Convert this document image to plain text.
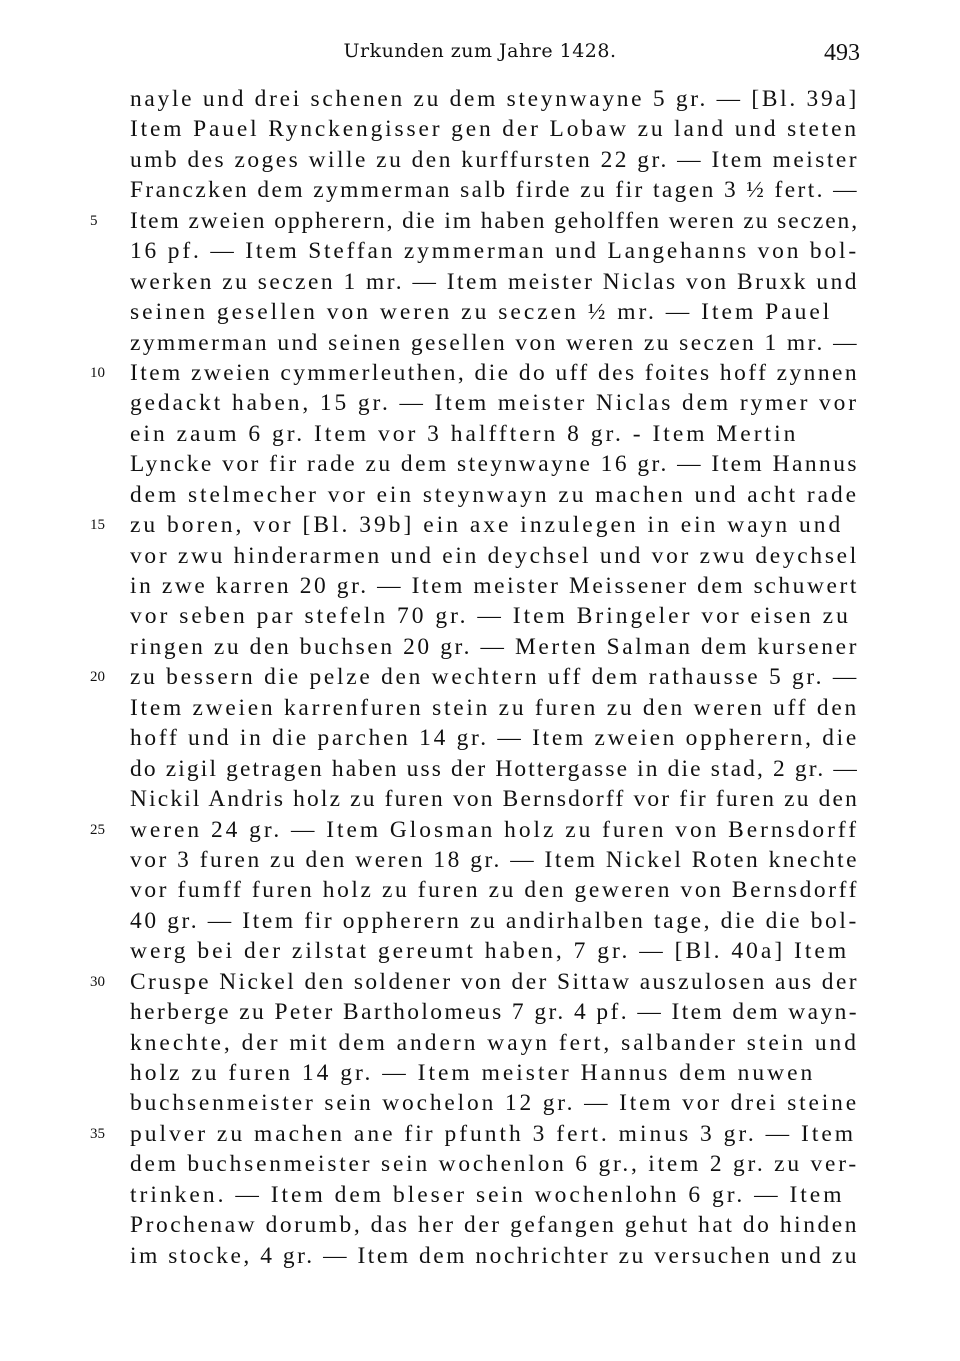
Urkunden zum Jahre 1428.	493
nayle und drei schenen zu dem steynwayne 5 gr. — [Bl. 39a]
Item Pauel Rynckengisser gen der Lobaw zu land und steten
umb des zoges wille zu den kurffursten 22 gr. — Item meister
Franczken dem zymmerman salb firde zu fir tagen 3 ½ fert. —
5	Item zweien oppherern, die im haben geholffen weren zu seczen,
16 pf. — Item Steffan zymmerman und Langehanns von bol-
werken zu seczen 1 mr. — Item meister Niclas von Bruxk und
seinen gesellen von weren zu seczen ½ mr. — Item Pauel
zymmerman und seinen gesellen von weren zu seczen 1 mr. —
10	Item zweien cymmerleuthen, die do uff des foites hoff zynnen
gedackt haben, 15 gr. — Item meister Niclas dem rymer vor
ein zaum 6 gr. Item vor 3 halfftern 8 gr. - Item Mertin
Lyncke vor fir rade zu dem steynwayne 16 gr. — Item Hannus
dem stelmecher vor ein steynwayn zu machen und acht rade
15	zu boren, vor [Bl. 39b] ein axe inzulegen in ein wayn und
vor zwu hinderarmen und ein deychsel und vor zwu deychsel
in zwe karren 20 gr. — Item meister Meissener dem schuwert
vor seben par stefeln 70 gr. — Item Bringeler vor eisen zu
ringen zu den buchsen 20 gr. — Merten Salman dem kursener
20	zu bessern die pelze den wechtern uff dem rathausse 5 gr. —
Item zweien karrenfuren stein zu furen zu den weren uff den
hoff und in die parchen 14 gr. — Item zweien oppherern, die
do zigil getragen haben uss der Hottergasse in die stad, 2 gr. —
Nickil Andris holz zu furen von Bernsdorff vor fir furen zu den
25	weren 24 gr. — Item Glosman holz zu furen von Bernsdorff
vor 3 furen zu den weren 18 gr. — Item Nickel Roten knechte
vor fumff furen holz zu furen zu den geweren von Bernsdorff
40 gr. — Item fir oppherern zu andirhalben tage, die die bol-
werg bei der zilstat gereumt haben, 7 gr. — [Bl. 40a] Item
30	Cruspe Nickel den soldener von der Sittaw auszulosen aus der
herberge zu Peter Bartholomeus 7 gr. 4 pf. — Item dem wayn-
knechte, der mit dem andern wayn fert, salbander stein und
holz zu furen 14 gr. — Item meister Hannus dem nuwen
buchsenmeister sein wochelon 12 gr. — Item vor drei steine
35	pulver zu machen ane fir pfunth 3 fert. minus 3 gr. — Item
dem buchsenmeister sein wochenlon 6 gr., item 2 gr. zu ver-
trinken. — Item dem bleser sein wochenlohn 6 gr. — Item
Prochenaw dorumb, das her der gefangen gehut hat do hinden
im stocke, 4 gr. — Item dem nochrichter zu versuchen und zu
